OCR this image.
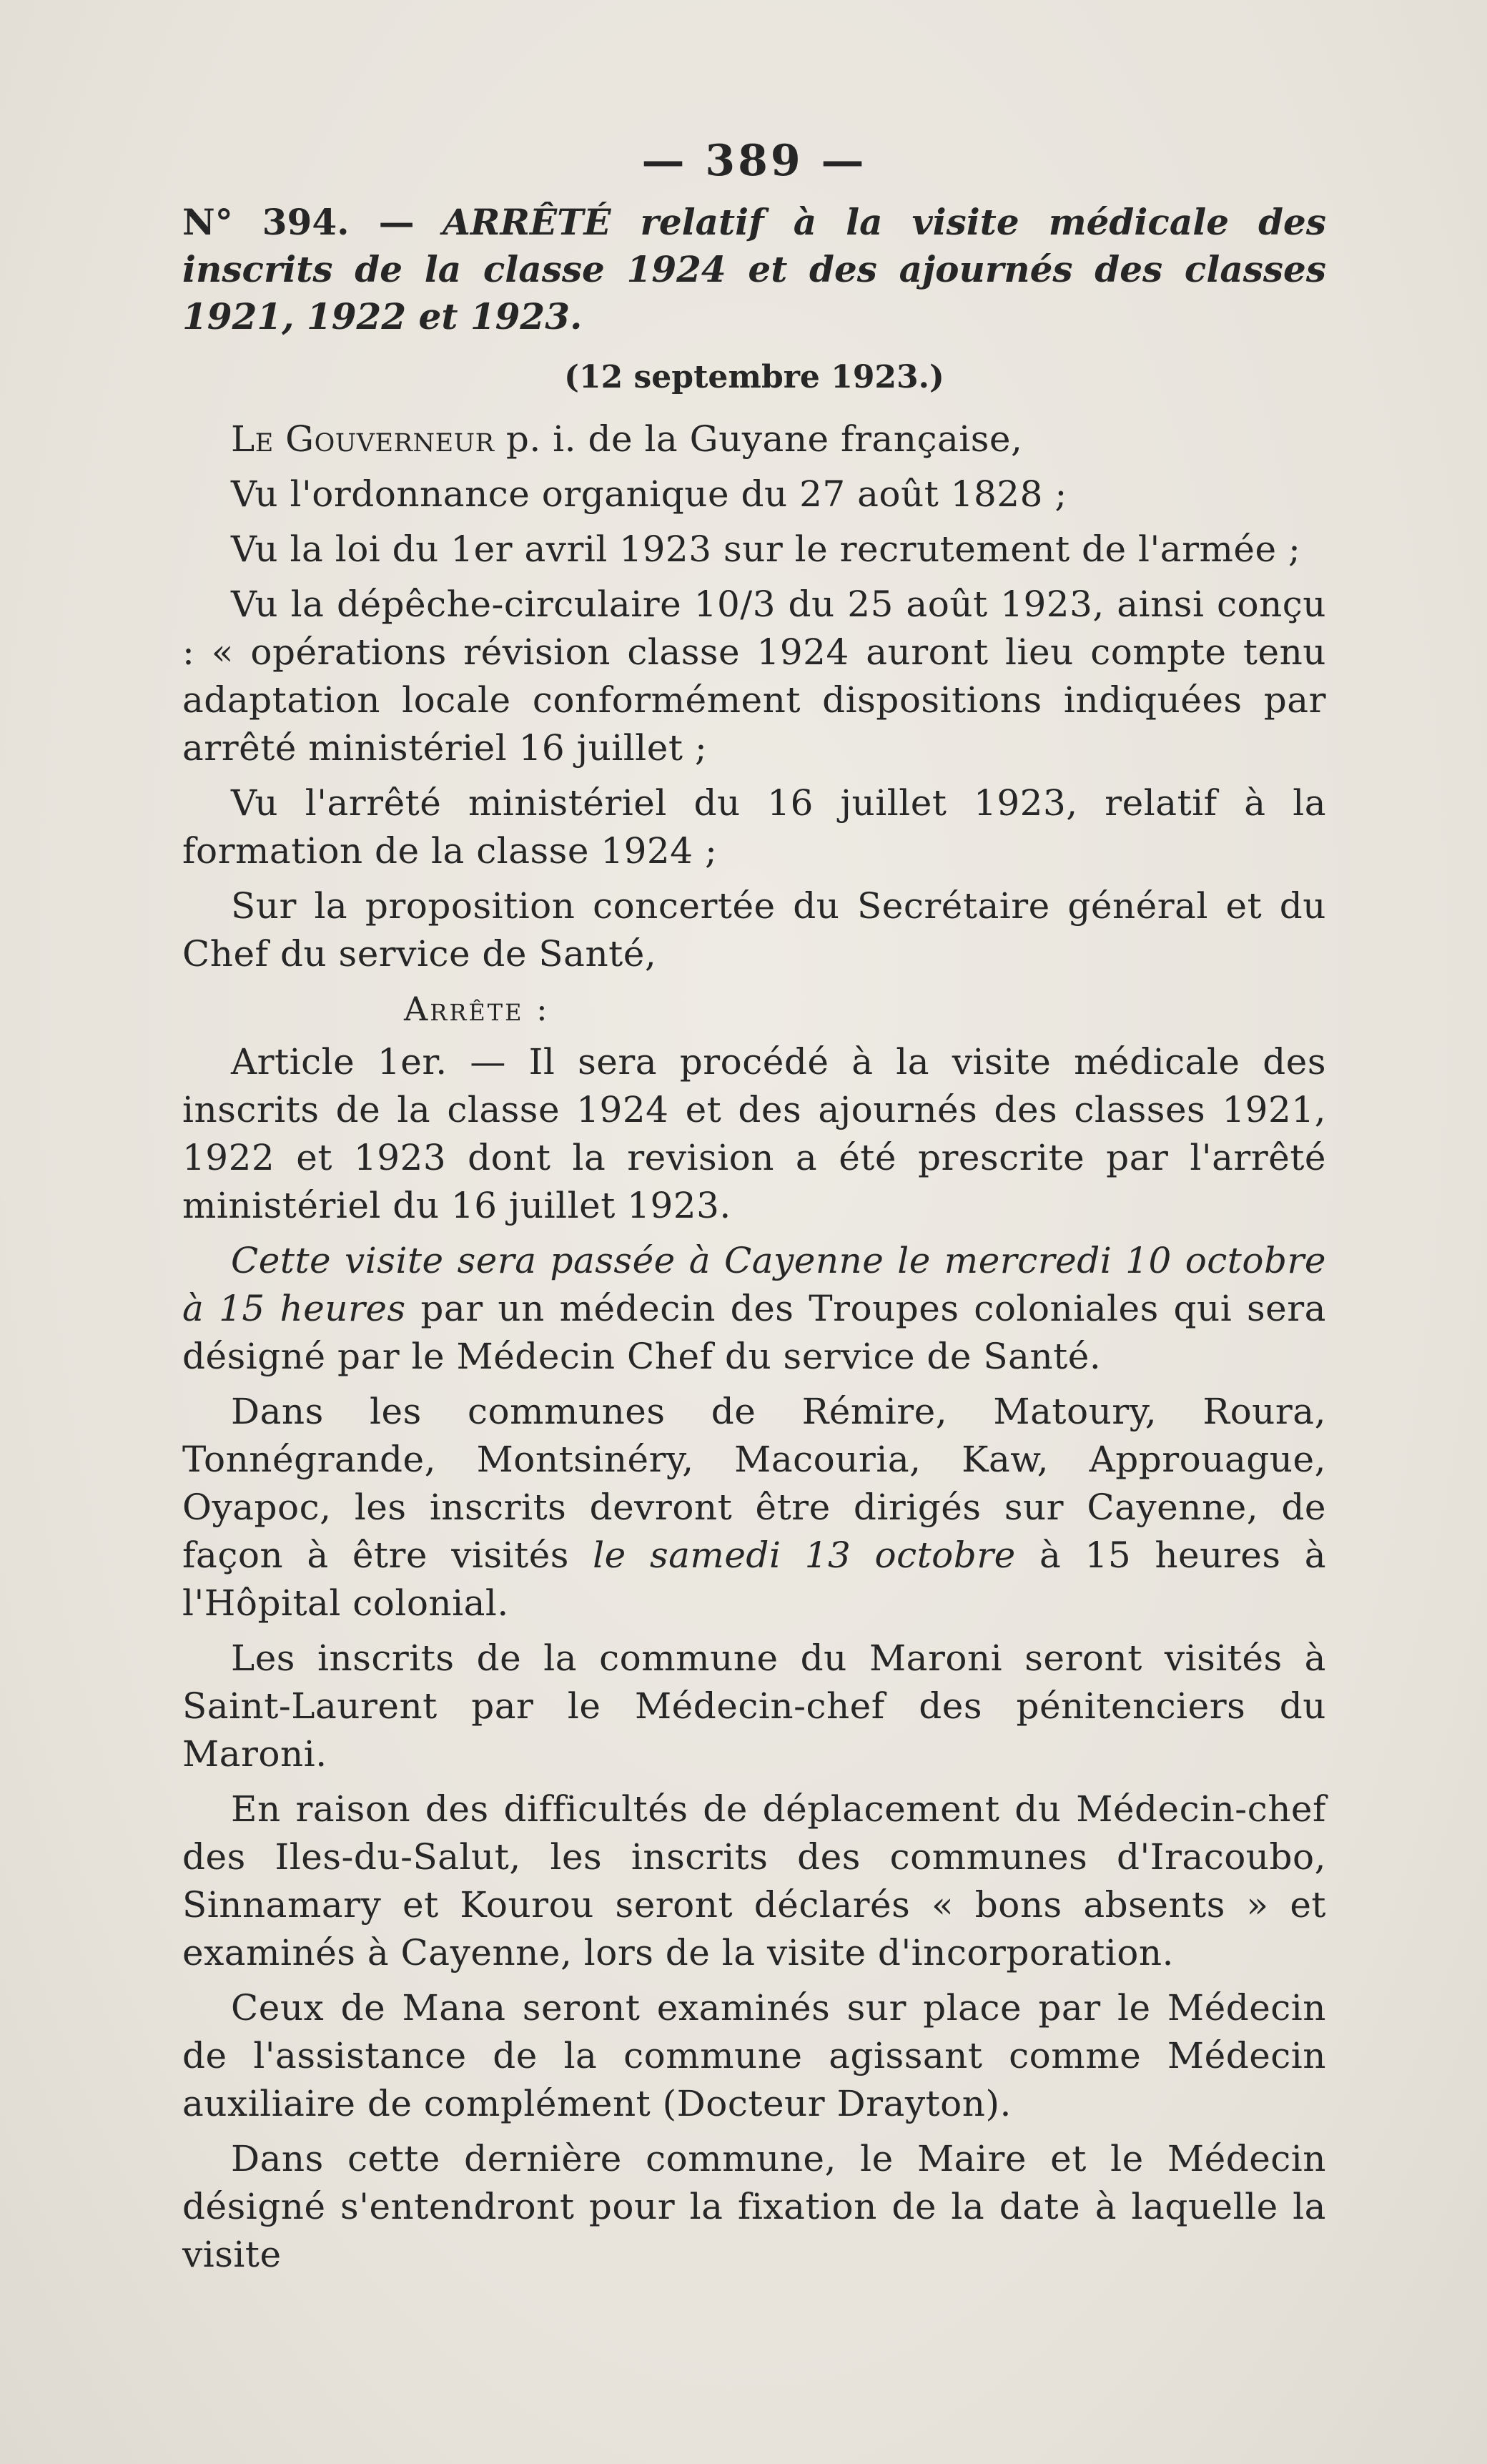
— 389 —

N° 394. — ARRÊTÉ relatif à la visite médicale des inscrits de la classe 1924 et des ajournés des classes 1921, 1922 et 1923.

(12 septembre 1923.)

Le Gouverneur p. i. de la Guyane française,

Vu l'ordonnance organique du 27 août 1828 ;

Vu la loi du 1er avril 1923 sur le recrutement de l'armée ;

Vu la dépêche-circulaire 10/3 du 25 août 1923, ainsi conçu : « opérations révision classe 1924 auront lieu compte tenu adaptation locale conformément dispositions indiquées par arrêté ministériel 16 juillet ;

Vu l'arrêté ministériel du 16 juillet 1923, relatif à la formation de la classe 1924 ;

Sur la proposition concertée du Secrétaire général et du Chef du service de Santé,

Arrête :

Article 1er. — Il sera procédé à la visite médicale des inscrits de la classe 1924 et des ajournés des classes 1921, 1922 et 1923 dont la revision a été prescrite par l'arrêté ministériel du 16 juillet 1923.

Cette visite sera passée à Cayenne le mercredi 10 octobre à 15 heures par un médecin des Troupes coloniales qui sera désigné par le Médecin Chef du service de Santé.

Dans les communes de Rémire, Matoury, Roura, Tonnégrande, Montsinéry, Macouria, Kaw, Approuague, Oyapoc, les inscrits devront être dirigés sur Cayenne, de façon à être visités le samedi 13 octobre à 15 heures à l'Hôpital colonial.

Les inscrits de la commune du Maroni seront visités à Saint-Laurent par le Médecin-chef des pénitenciers du Maroni.

En raison des difficultés de déplacement du Médecin-chef des Iles-du-Salut, les inscrits des communes d'Iracoubo, Sinnamary et Kourou seront déclarés « bons absents » et examinés à Cayenne, lors de la visite d'incorporation.

Ceux de Mana seront examinés sur place par le Médecin de l'assistance de la commune agissant comme Médecin auxiliaire de complément (Docteur Drayton).

Dans cette dernière commune, le Maire et le Médecin désigné s'entendront pour la fixation de la date à laquelle la visite
